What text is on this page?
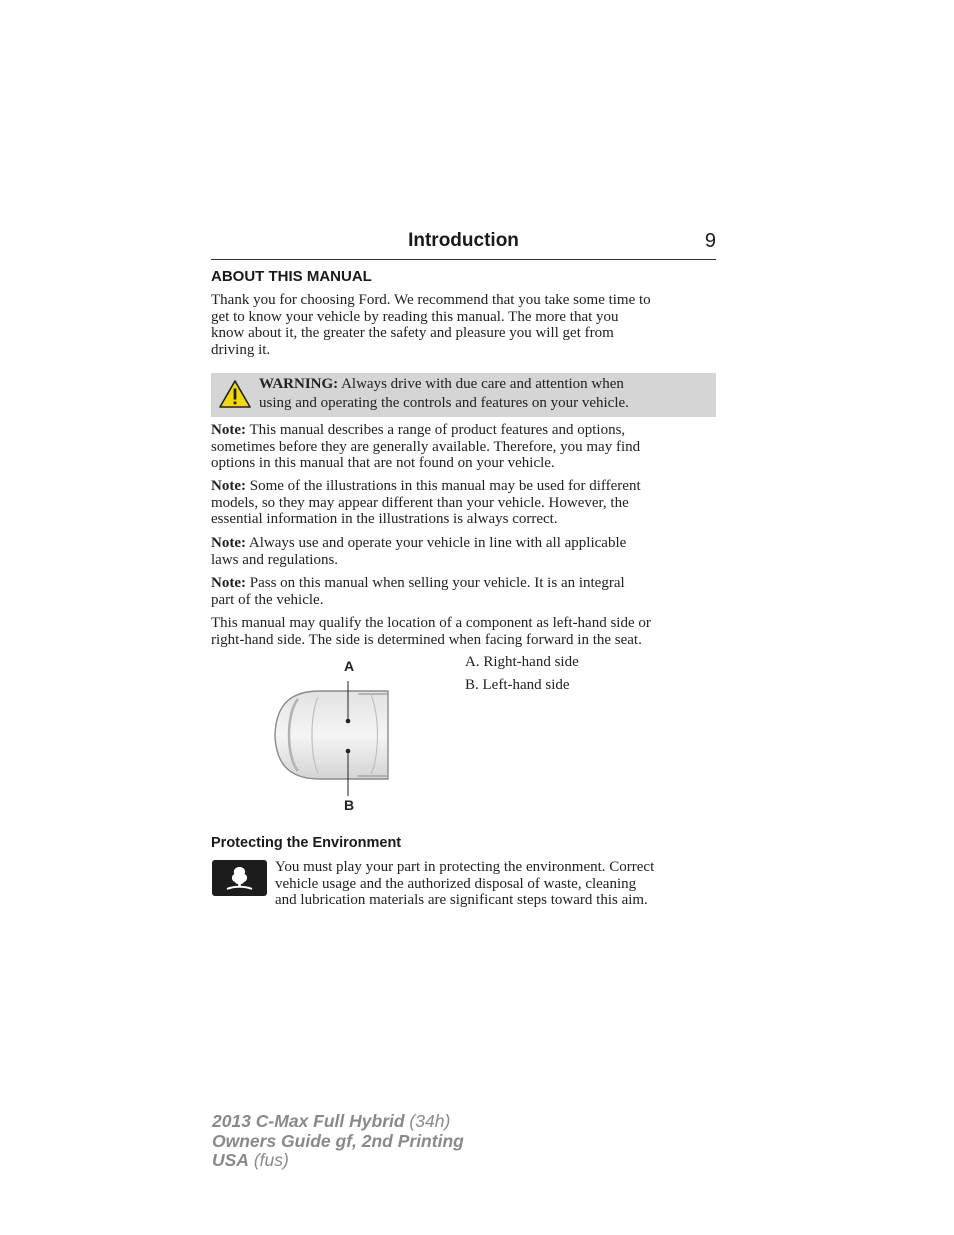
Introduction	9
ABOUT THIS MANUAL

Thank you for choosing Ford. We recommend that you take some time to
get to know your vehicle by reading this manual. The more that you
know about it, the greater the safety and pleasure you will get from
driving it.

WARNING: Always drive with due care and attention when
using and operating the controls and features on your vehicle.

Note: This manual describes a range of product features and options,
sometimes before they are generally available. Therefore, you may find
options in this manual that are not found on your vehicle.

Note: Some of the illustrations in this manual may be used for different
models, so they may appear different than your vehicle. However, the
essential information in the illustrations is always correct.

Note: Always use and operate your vehicle in line with all applicable
laws and regulations.

Note: Pass on this manual when selling your vehicle. It is an integral
part of the vehicle.

This manual may qualify the location of a component as left-hand side or
right-hand side. The side is determined when facing forward in the seat.

A
B
A. Right-hand side
B. Left-hand side
Protecting the Environment

You must play your part in protecting the environment. Correct
vehicle usage and the authorized disposal of waste, cleaning
and lubrication materials are significant steps toward this aim.

2013 C-Max Full Hybrid (34h)
Owners Guide gf, 2nd Printing
USA (fus)
